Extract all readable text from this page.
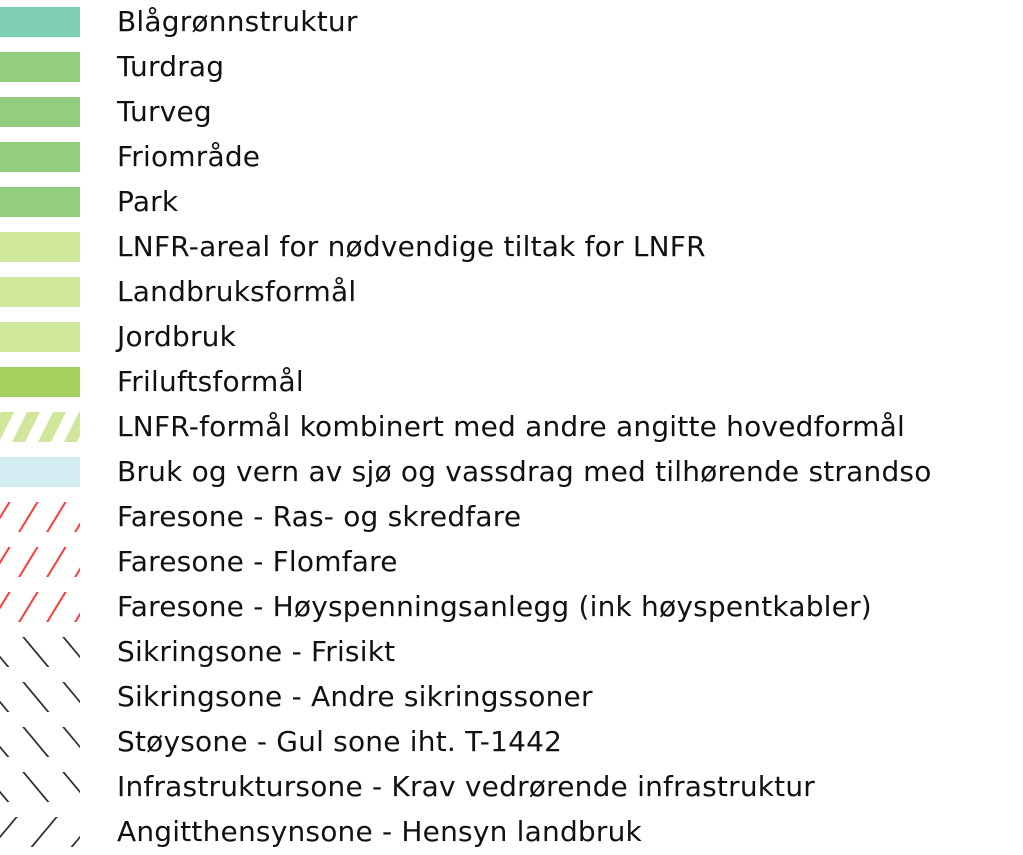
Blågrønnstruktur
Turdrag
Turveg
Friområde
Park
LNFR-areal for nødvendige tiltak for LNFR
Landbruksformål
Jordbruk
Friluftsformål
LNFR-formål kombinert med andre angitte hovedformål
Bruk og vern av sjø og vassdrag med tilhørende strandso
Faresone - Ras- og skredfare
Faresone - Flomfare
Faresone - Høyspenningsanlegg (ink høyspentkabler)
Sikringsone - Frisikt
Sikringsone - Andre sikringssoner
Støysone - Gul sone iht. T-1442
Infrastruktursone - Krav vedrørende infrastruktur
Angitthensynsone - Hensyn landbruk
